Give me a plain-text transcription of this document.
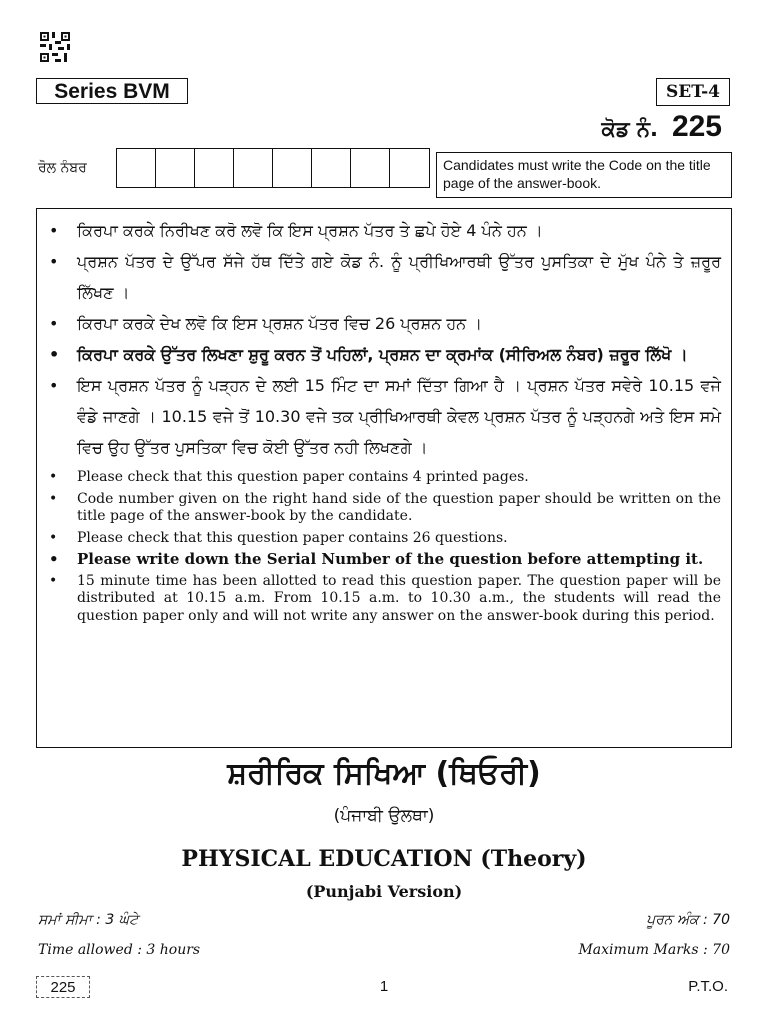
Series BVM	SET-4
ਕੋਡ ਨੰ. 225
ਰੋਲ ਨੰਬਰ	Candidates must write the Code on the title page of the answer-book.
• ਕਿਰਪਾ ਕਰਕੇ ਨਿਰੀਖਣ ਕਰੋ ਲਵੋ ਕਿ ਇਸ ਪ੍ਰਸ਼ਨ ਪੱਤਰ ਤੇ ਛਪੇ ਹੋਏ 4 ਪੰਨੇ ਹਨ ।
• ਪ੍ਰਸ਼ਨ ਪੱਤਰ ਦੇ ਉੱਪਰ ਸੱਜੇ ਹੱਥ ਦਿੱਤੇ ਗਏ ਕੋਡ ਨੰ. ਨੂੰ ਪ੍ਰੀਖਿਆਰਥੀ ਉੱਤਰ ਪੁਸਤਿਕਾ ਦੇ ਮੁੱਖ ਪੰਨੇ ਤੇ ਜ਼ਰੂਰ ਲਿੱਖਣ ।
• ਕਿਰਪਾ ਕਰਕੇ ਦੇਖ ਲਵੋ ਕਿ ਇਸ ਪ੍ਰਸ਼ਨ ਪੱਤਰ ਵਿਚ 26 ਪ੍ਰਸ਼ਨ ਹਨ ।
• ਕਿਰਪਾ ਕਰਕੇ ਉੱਤਰ ਲਿਖਣਾ ਸ਼ੁਰੂ ਕਰਨ ਤੋਂ ਪਹਿਲਾਂ, ਪ੍ਰਸ਼ਨ ਦਾ ਕ੍ਰਮਾਂਕ (ਸੀਰਿਅਲ ਨੰਬਰ) ਜ਼ਰੂਰ ਲਿੱਖੋ ।
• ਇਸ ਪ੍ਰਸ਼ਨ ਪੱਤਰ ਨੂੰ ਪੜ੍ਹਨ ਦੇ ਲਈ 15 ਮਿੰਟ ਦਾ ਸਮਾਂ ਦਿੱਤਾ ਗਿਆ ਹੈ । ਪ੍ਰਸ਼ਨ ਪੱਤਰ ਸਵੇਰੇ 10.15 ਵਜੇ ਵੰਡੇ ਜਾਣਗੇ । 10.15 ਵਜੇ ਤੋਂ 10.30 ਵਜੇ ਤਕ ਪ੍ਰੀਖਿਆਰਥੀ ਕੇਵਲ ਪ੍ਰਸ਼ਨ ਪੱਤਰ ਨੂੰ ਪੜ੍ਹਨਗੇ ਅਤੇ ਇਸ ਸਮੇ ਵਿਚ ਉਹ ਉੱਤਰ ਪੁਸਤਿਕਾ ਵਿਚ ਕੋਈ ਉੱਤਰ ਨਹੀ ਲਿਖਣਗੇ ।
• Please check that this question paper contains 4 printed pages.
• Code number given on the right hand side of the question paper should be written on the title page of the answer-book by the candidate.
• Please check that this question paper contains 26 questions.
• Please write down the Serial Number of the question before attempting it.
• 15 minute time has been allotted to read this question paper. The question paper will be distributed at 10.15 a.m. From 10.15 a.m. to 10.30 a.m., the students will read the question paper only and will not write any answer on the answer-book during this period.
ਸ਼ਰੀਰਿਕ ਸਿਖਿਆ (ਥਿਓਰੀ)
(ਪੰਜਾਬੀ ਉਲਥਾ)
PHYSICAL EDUCATION (Theory)
(Punjabi Version)
ਸਮਾਂ ਸੀਮਾ : 3 ਘੰਟੇ	ਪੂਰਨ ਅੰਕ : 70
Time allowed : 3 hours	Maximum Marks : 70
225	1	P.T.O.
